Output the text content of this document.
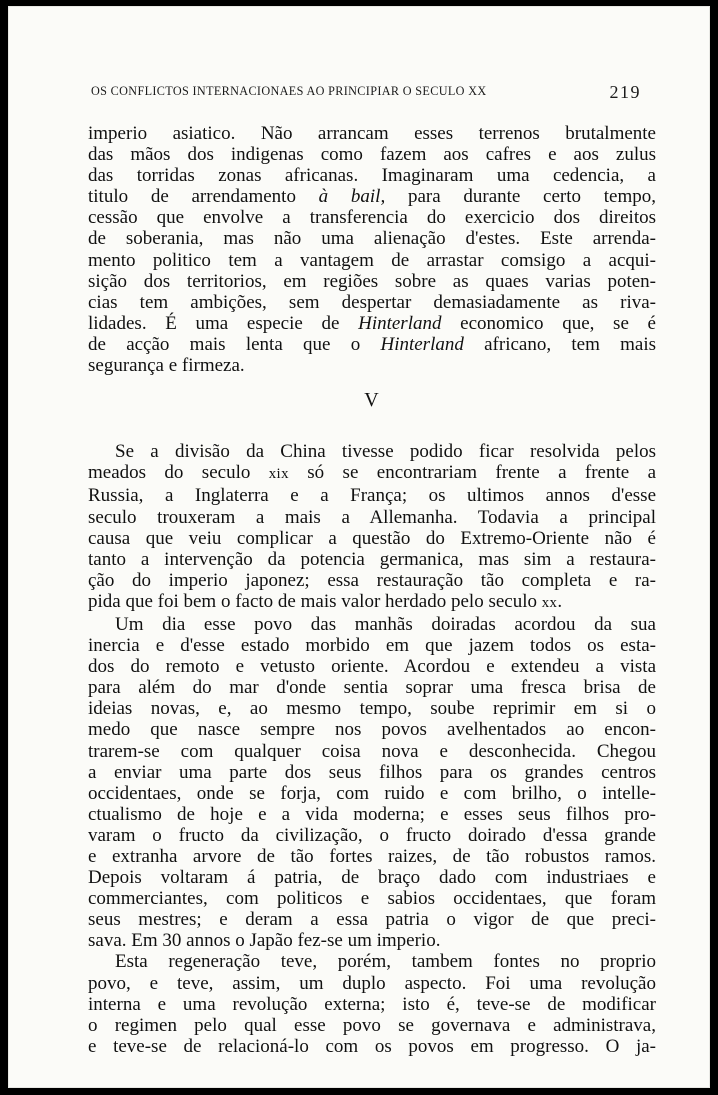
OS CONFLICTOS INTERNACIONAES AO PRINCIPIAR O SECULO XX	219
imperio asiatico. Não arrancam esses terrenos brutalmente
das mãos dos indigenas como fazem aos cafres e aos zulus
das torridas zonas africanas. Imaginaram uma cedencia, a
titulo de arrendamento à bail, para durante certo tempo,
cessão que envolve a transferencia do exercicio dos direitos
de soberania, mas não uma alienação d'estes. Este arrenda-
mento politico tem a vantagem de arrastar comsigo a acqui-
sição dos territorios, em regiões sobre as quaes varias poten-
cias tem ambições, sem despertar demasiadamente as riva-
lidades. É uma especie de Hinterland economico que, se é
de acção mais lenta que o Hinterland africano, tem mais
segurança e firmeza.
V
Se a divisão da China tivesse podido ficar resolvida pelos
meados do seculo xix só se encontrariam frente a frente a
Russia, a Inglaterra e a França; os ultimos annos d'esse
seculo trouxeram a mais a Allemanha. Todavia a principal
causa que veiu complicar a questão do Extremo-Oriente não é
tanto a intervenção da potencia germanica, mas sim a restaura-
ção do imperio japonez; essa restauração tão completa e ra-
pida que foi bem o facto de mais valor herdado pelo seculo xx.
Um dia esse povo das manhãs doiradas acordou da sua
inercia e d'esse estado morbido em que jazem todos os esta-
dos do remoto e vetusto oriente. Acordou e extendeu a vista
para além do mar d'onde sentia soprar uma fresca brisa de
ideias novas, e, ao mesmo tempo, soube reprimir em si o
medo que nasce sempre nos povos avelhentados ao encon-
trarem-se com qualquer coisa nova e desconhecida. Chegou
a enviar uma parte dos seus filhos para os grandes centros
occidentaes, onde se forja, com ruido e com brilho, o intelle-
ctualismo de hoje e a vida moderna; e esses seus filhos pro-
varam o fructo da civilização, o fructo doirado d'essa grande
e extranha arvore de tão fortes raizes, de tão robustos ramos.
Depois voltaram á patria, de braço dado com industriaes e
commerciantes, com politicos e sabios occidentaes, que foram
seus mestres; e deram a essa patria o vigor de que preci-
sava. Em 30 annos o Japão fez-se um imperio.
Esta regeneração teve, porém, tambem fontes no proprio
povo, e teve, assim, um duplo aspecto. Foi uma revolução
interna e uma revolução externa; isto é, teve-se de modificar
o regimen pelo qual esse povo se governava e administrava,
e teve-se de relacioná-lo com os povos em progresso. O ja-
